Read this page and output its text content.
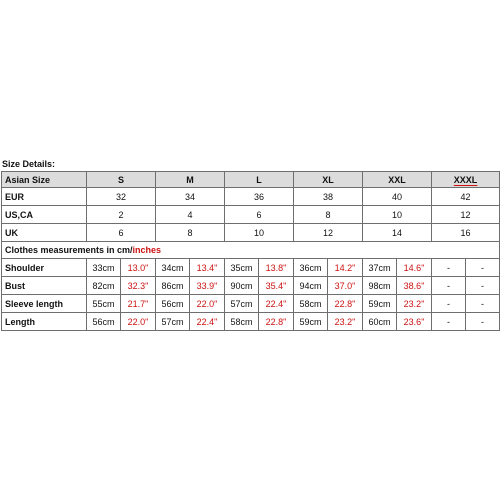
Size Details:
Asian Size	S		M		L		XL		XXL		XXXL	
EUR	32		34		36		38		40		42	
US,CA	2		4		6		8		10		12	
UK	6		8		10		12		14		16	
Clothes measurements in cm/inches												
Shoulder	33cm	13.0"	34cm	13.4"	35cm	13.8"	36cm	14.2"	37cm	14.6"	-	-
Bust	82cm	32.3"	86cm	33.9"	90cm	35.4"	94cm	37.0"	98cm	38.6"	-	-
Sleeve length	55cm	21.7"	56cm	22.0"	57cm	22.4"	58cm	22.8"	59cm	23.2"	-	-
Length	56cm	22.0"	57cm	22.4"	58cm	22.8"	59cm	23.2"	60cm	23.6"	-	-
